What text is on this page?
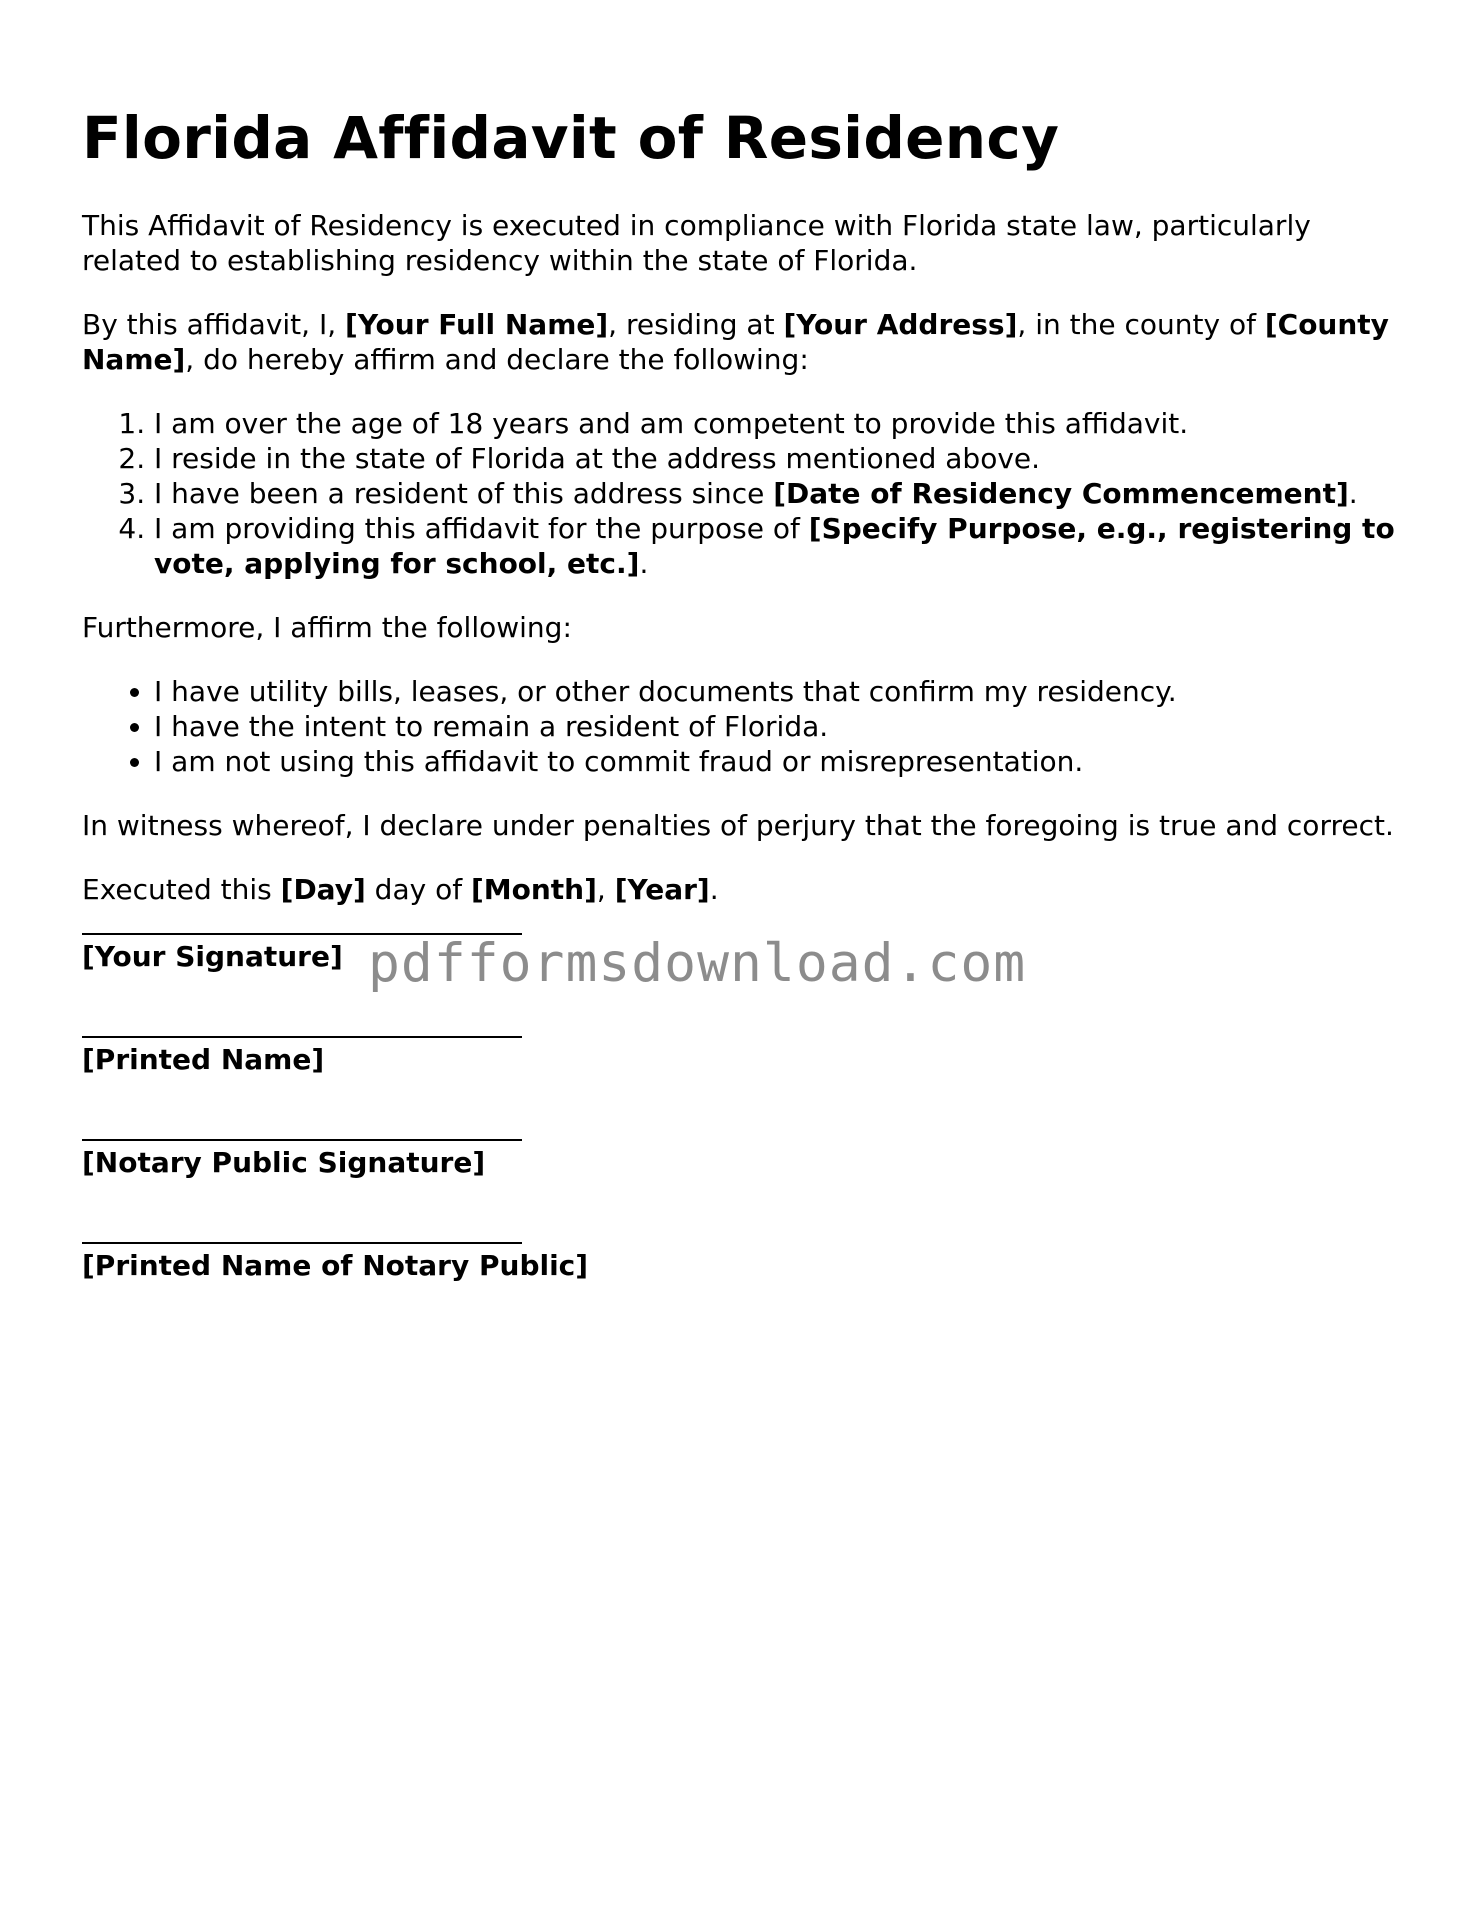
Florida Affidavit of Residency

This Affidavit of Residency is executed in compliance with Florida state law, particularly related to establishing residency within the state of Florida.

By this affidavit, I, [Your Full Name], residing at [Your Address], in the county of [County Name], do hereby affirm and declare the following:

1. I am over the age of 18 years and am competent to provide this affidavit.
2. I reside in the state of Florida at the address mentioned above.
3. I have been a resident of this address since [Date of Residency Commencement].
4. I am providing this affidavit for the purpose of [Specify Purpose, e.g., registering to vote, applying for school, etc.].

Furthermore, I affirm the following:

• I have utility bills, leases, or other documents that confirm my residency.
• I have the intent to remain a resident of Florida.
• I am not using this affidavit to commit fraud or misrepresentation.

In witness whereof, I declare under penalties of perjury that the foregoing is true and correct.

Executed this [Day] day of [Month], [Year].

[Your Signature]
[Printed Name]
[Notary Public Signature]
[Printed Name of Notary Public]
pdfformsdownload.com
